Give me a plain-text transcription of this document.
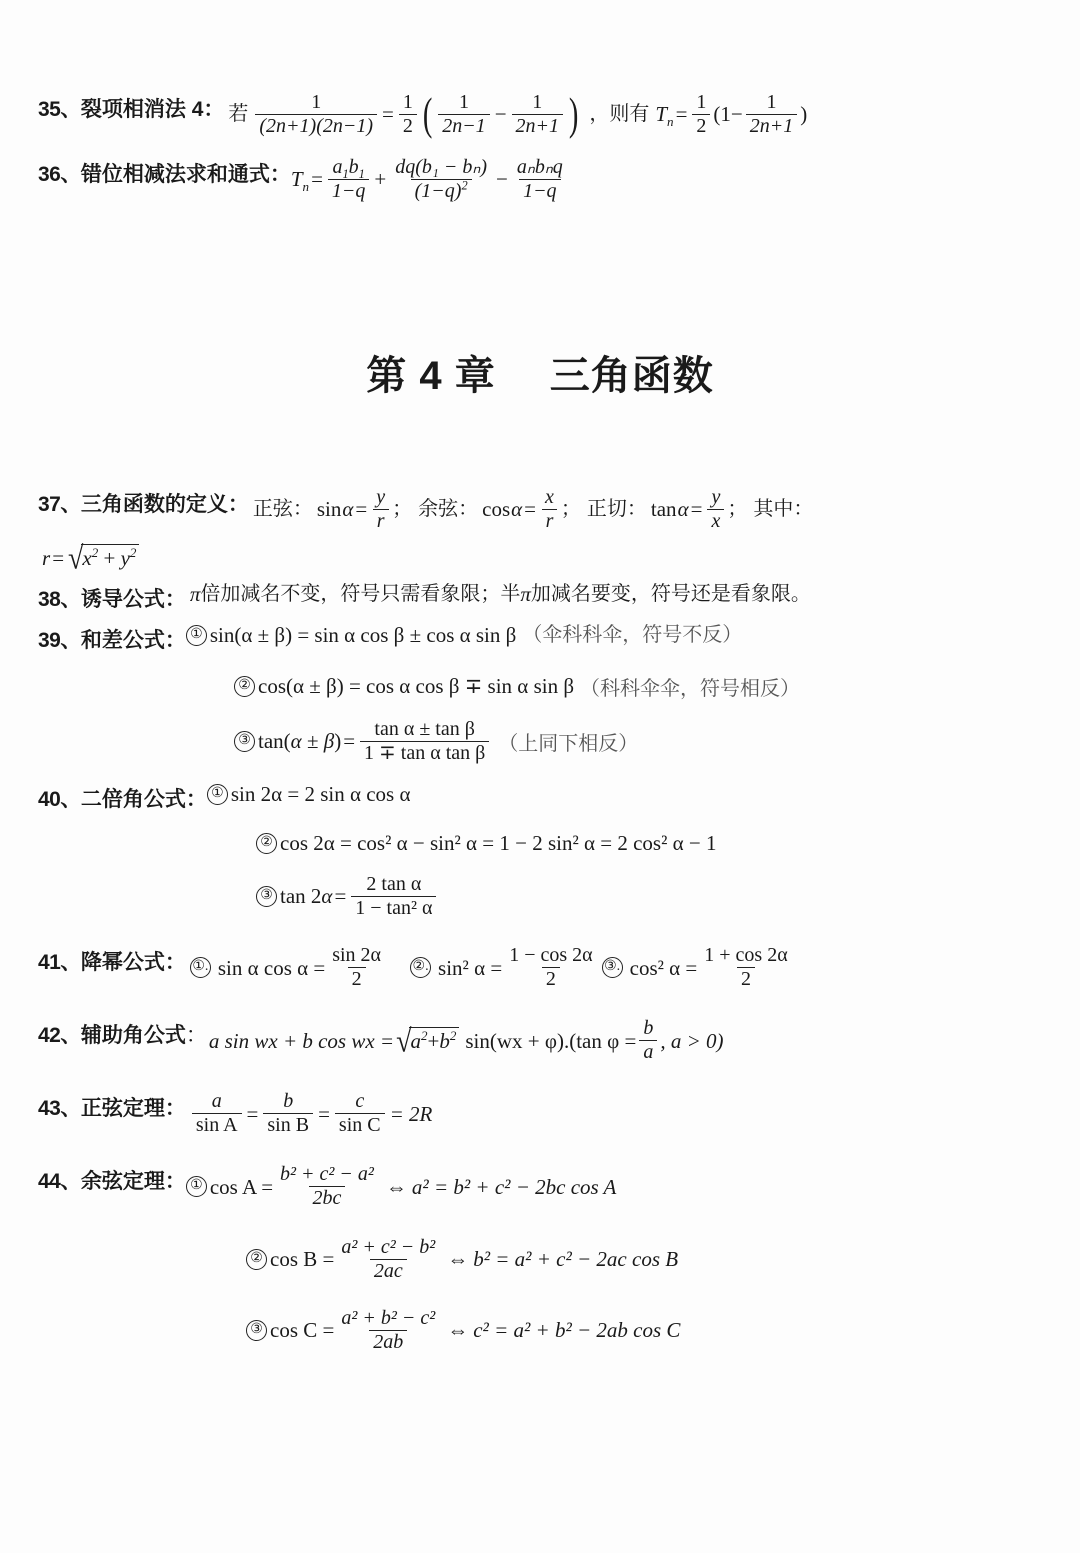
35、 裂项相消法 4： 若 $\frac{1}{(2n+1)(2n-1)} = \frac{1}{2}$ ( $\frac{1}{2n-1} - \frac{1}{2n+1}$ ) ，则有 $T_n = \frac{1}{2} (1- \frac{1}{2n+1}$ )
36、 错位相减法求和通式： $T_n = \frac{a_1b_1}{1-q} + \frac{\text{dq(b₁ − bₙ)}}{(1-q)^2} - \frac{\text{aₙbₙq}}{1-q}$
第 4 章 三角函数
37、 三角函数的定义： 正弦： $\sin \alpha = \frac{y}{r}$ ； 余弦： $\cos \alpha = \frac{x}{r}$ ； 正切： $\tan \alpha = \frac{y}{x}$ ； 其中：
r = √ $x^2 + y^2$
38、 诱导公式： π 倍加减名不变，符号只需看象限；半 π 加减名要变，符号还是看象限。
39、 和差公式： ① sin(α ± β) = sin α cos β ± cos α sin β （伞科科伞，符号不反）
② cos(α ± β) = cos α cos β ∓ sin α sin β （科科伞伞，符号相反）
③ $\tan(\alpha \pm \beta) = \frac{\text{tan α ± tan β}}{\text{1 ∓ tan α tan β}}$ （上同下相反）
40、 二倍角公式： ① sin 2α = 2 sin α cos α
② cos 2α = cos² α − sin² α = 1 − 2 sin² α = 2 cos² α − 1
③ $\tan 2\alpha = \frac{\text{2 tan α}}{\text{1 − tan² α}}$
41、 降幂公式： ①. sin α $\cos \alpha = \frac{\sin 2\alpha}{2}$ ②. sin² $\alpha = \frac{1 - \cos 2\alpha}{2}$ ③. cos² $\alpha = \frac{1 + \cos 2\alpha}{2}$
42、 辅助角公式 ： a sin wx + b cos wx = √ $a^2+b^2$ sin(wx + φ).(tan $\varphi = \frac{b}{a}$ , a > 0)
43、 正弦定理： $\frac{a}{\text{sin A}} = \frac{b}{\text{sin B}} = \frac{c}{\text{sin C}} = 2R$
44、 余弦定理： ① $\cos A = \frac{\text{b² + c² − a²}}{2bc}$ ⇔ a² = b² + c² − 2bc cos A
② $\cos B = \frac{\text{a² + c² − b²}}{2ac}$ ⇔ b² = a² + c² − 2ac cos B
③ $\cos C = \frac{\text{a² + b² − c²}}{2ab}$ ⇔ c² = a² + b² − 2ab cos C
